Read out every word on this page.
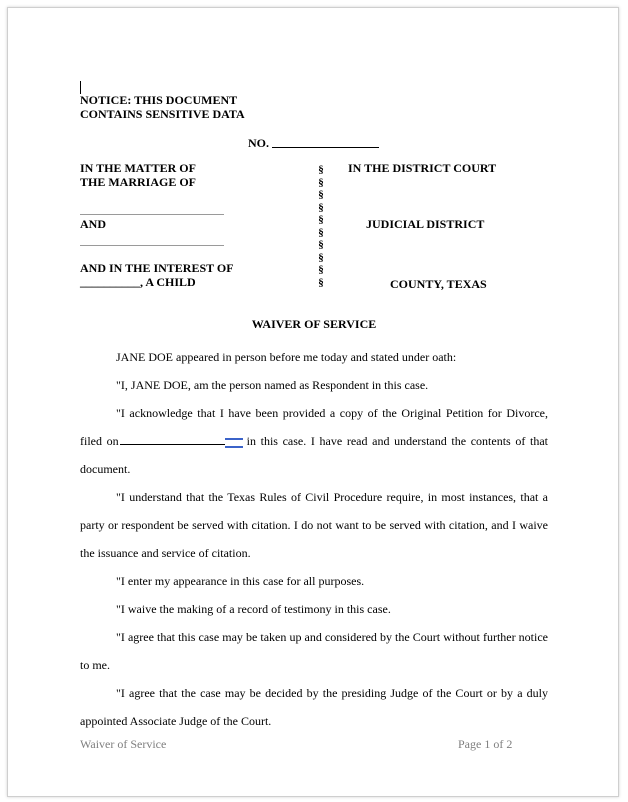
NOTICE: THIS DOCUMENT
CONTAINS SENSITIVE DATA
NO.
IN THE MATTER OF
THE MARRIAGE OF
AND
AND IN THE INTEREST OF
__________, A CHILD
§
§
§
§
§
§
§
§
§
§
IN THE DISTRICT COURT
JUDICIAL DISTRICT
COUNTY, TEXAS
WAIVER OF SERVICE

JANE DOE appeared in person before me today and stated under oath:

"I, JANE DOE, am the person named as Respondent in this case.

"I acknowledge that I have been provided a copy of the Original Petition for Divorce, filed on	in this case. I have read and understand the contents of that document.

"I understand that the Texas Rules of Civil Procedure require, in most instances, that a party or respondent be served with citation. I do not want to be served with citation, and I waive the issuance and service of citation.

"I enter my appearance in this case for all purposes.

"I waive the making of a record of testimony in this case.

"I agree that this case may be taken up and considered by the Court without further notice to me.

"I agree that the case may be decided by the presiding Judge of the Court or by a duly appointed Associate Judge of the Court.

Waiver of Service	Page 1 of 2
